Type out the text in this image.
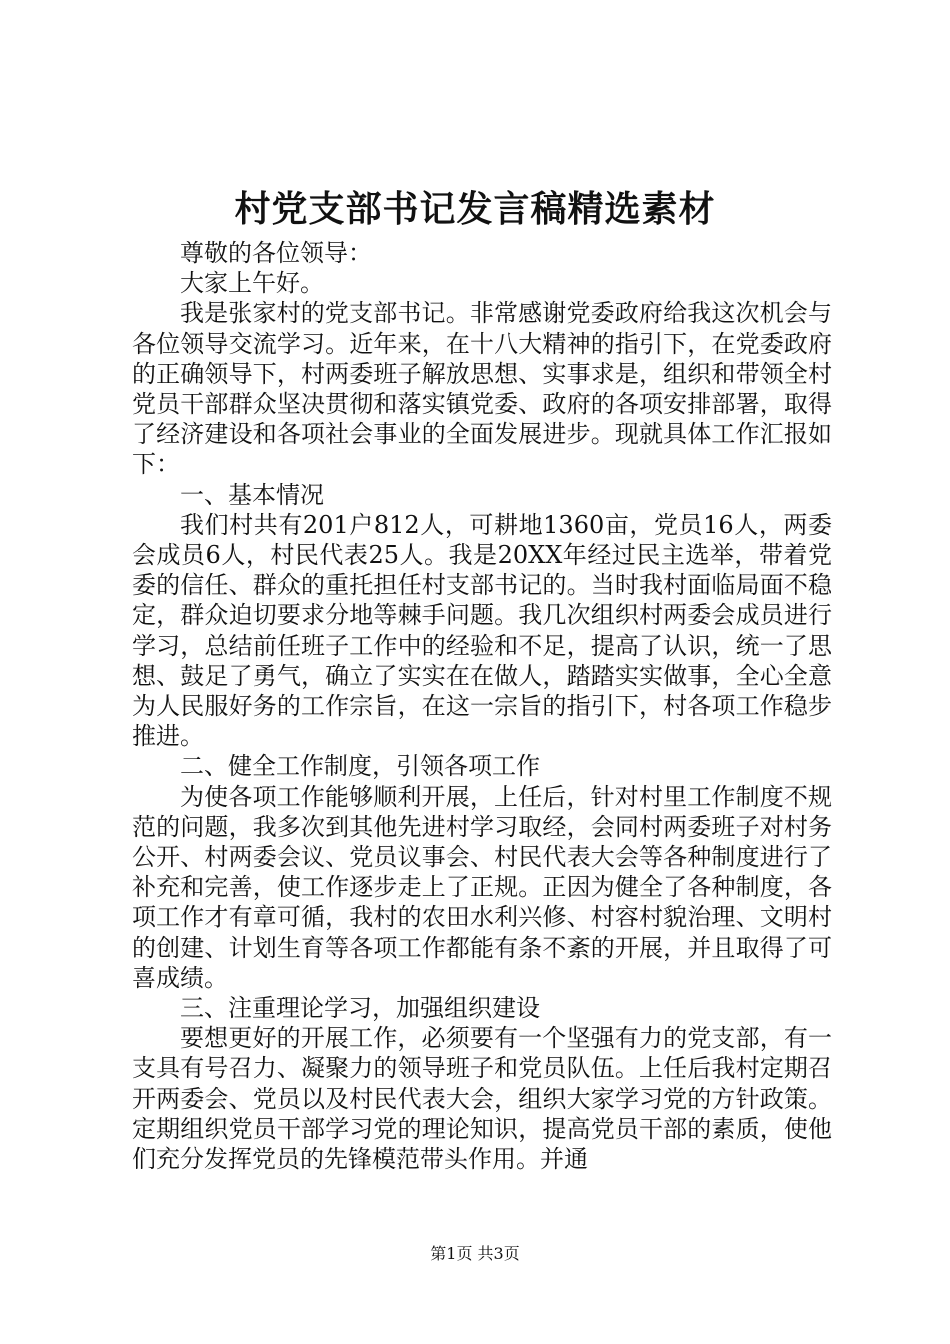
村党支部书记发言稿精选素材

尊敬的各位领导：

大家上午好。

我是张家村的党支部书记。非常感谢党委政府给我这次机会与各位领导交流学习。近年来，在十八大精神的指引下，在党委政府的正确领导下，村两委班子解放思想、实事求是，组织和带领全村党员干部群众坚决贯彻和落实镇党委、政府的各项安排部署，取得了经济建设和各项社会事业的全面发展进步。现就具体工作汇报如下：

一、基本情况

我们村共有201户812人，可耕地1360亩，党员16人，两委会成员6人，村民代表25人。我是20XX年经过民主选举，带着党委的信任、群众的重托担任村支部书记的。当时我村面临局面不稳定，群众迫切要求分地等棘手问题。我几次组织村两委会成员进行学习，总结前任班子工作中的经验和不足，提高了认识，统一了思想、鼓足了勇气，确立了实实在在做人，踏踏实实做事，全心全意为人民服好务的工作宗旨，在这一宗旨的指引下，村各项工作稳步推进。

二、健全工作制度，引领各项工作

为使各项工作能够顺利开展，上任后，针对村里工作制度不规范的问题，我多次到其他先进村学习取经，会同村两委班子对村务公开、村两委会议、党员议事会、村民代表大会等各种制度进行了补充和完善，使工作逐步走上了正规。正因为健全了各种制度，各项工作才有章可循，我村的农田水利兴修、村容村貌治理、文明村的创建、计划生育等各项工作都能有条不紊的开展，并且取得了可喜成绩。

三、注重理论学习，加强组织建设

要想更好的开展工作，必须要有一个坚强有力的党支部，有一支具有号召力、凝聚力的领导班子和党员队伍。上任后我村定期召开两委会、党员以及村民代表大会，组织大家学习党的方针政策。定期组织党员干部学习党的理论知识，提高党员干部的素质，使他们充分发挥党员的先锋模范带头作用。并通

第1页 共3页
